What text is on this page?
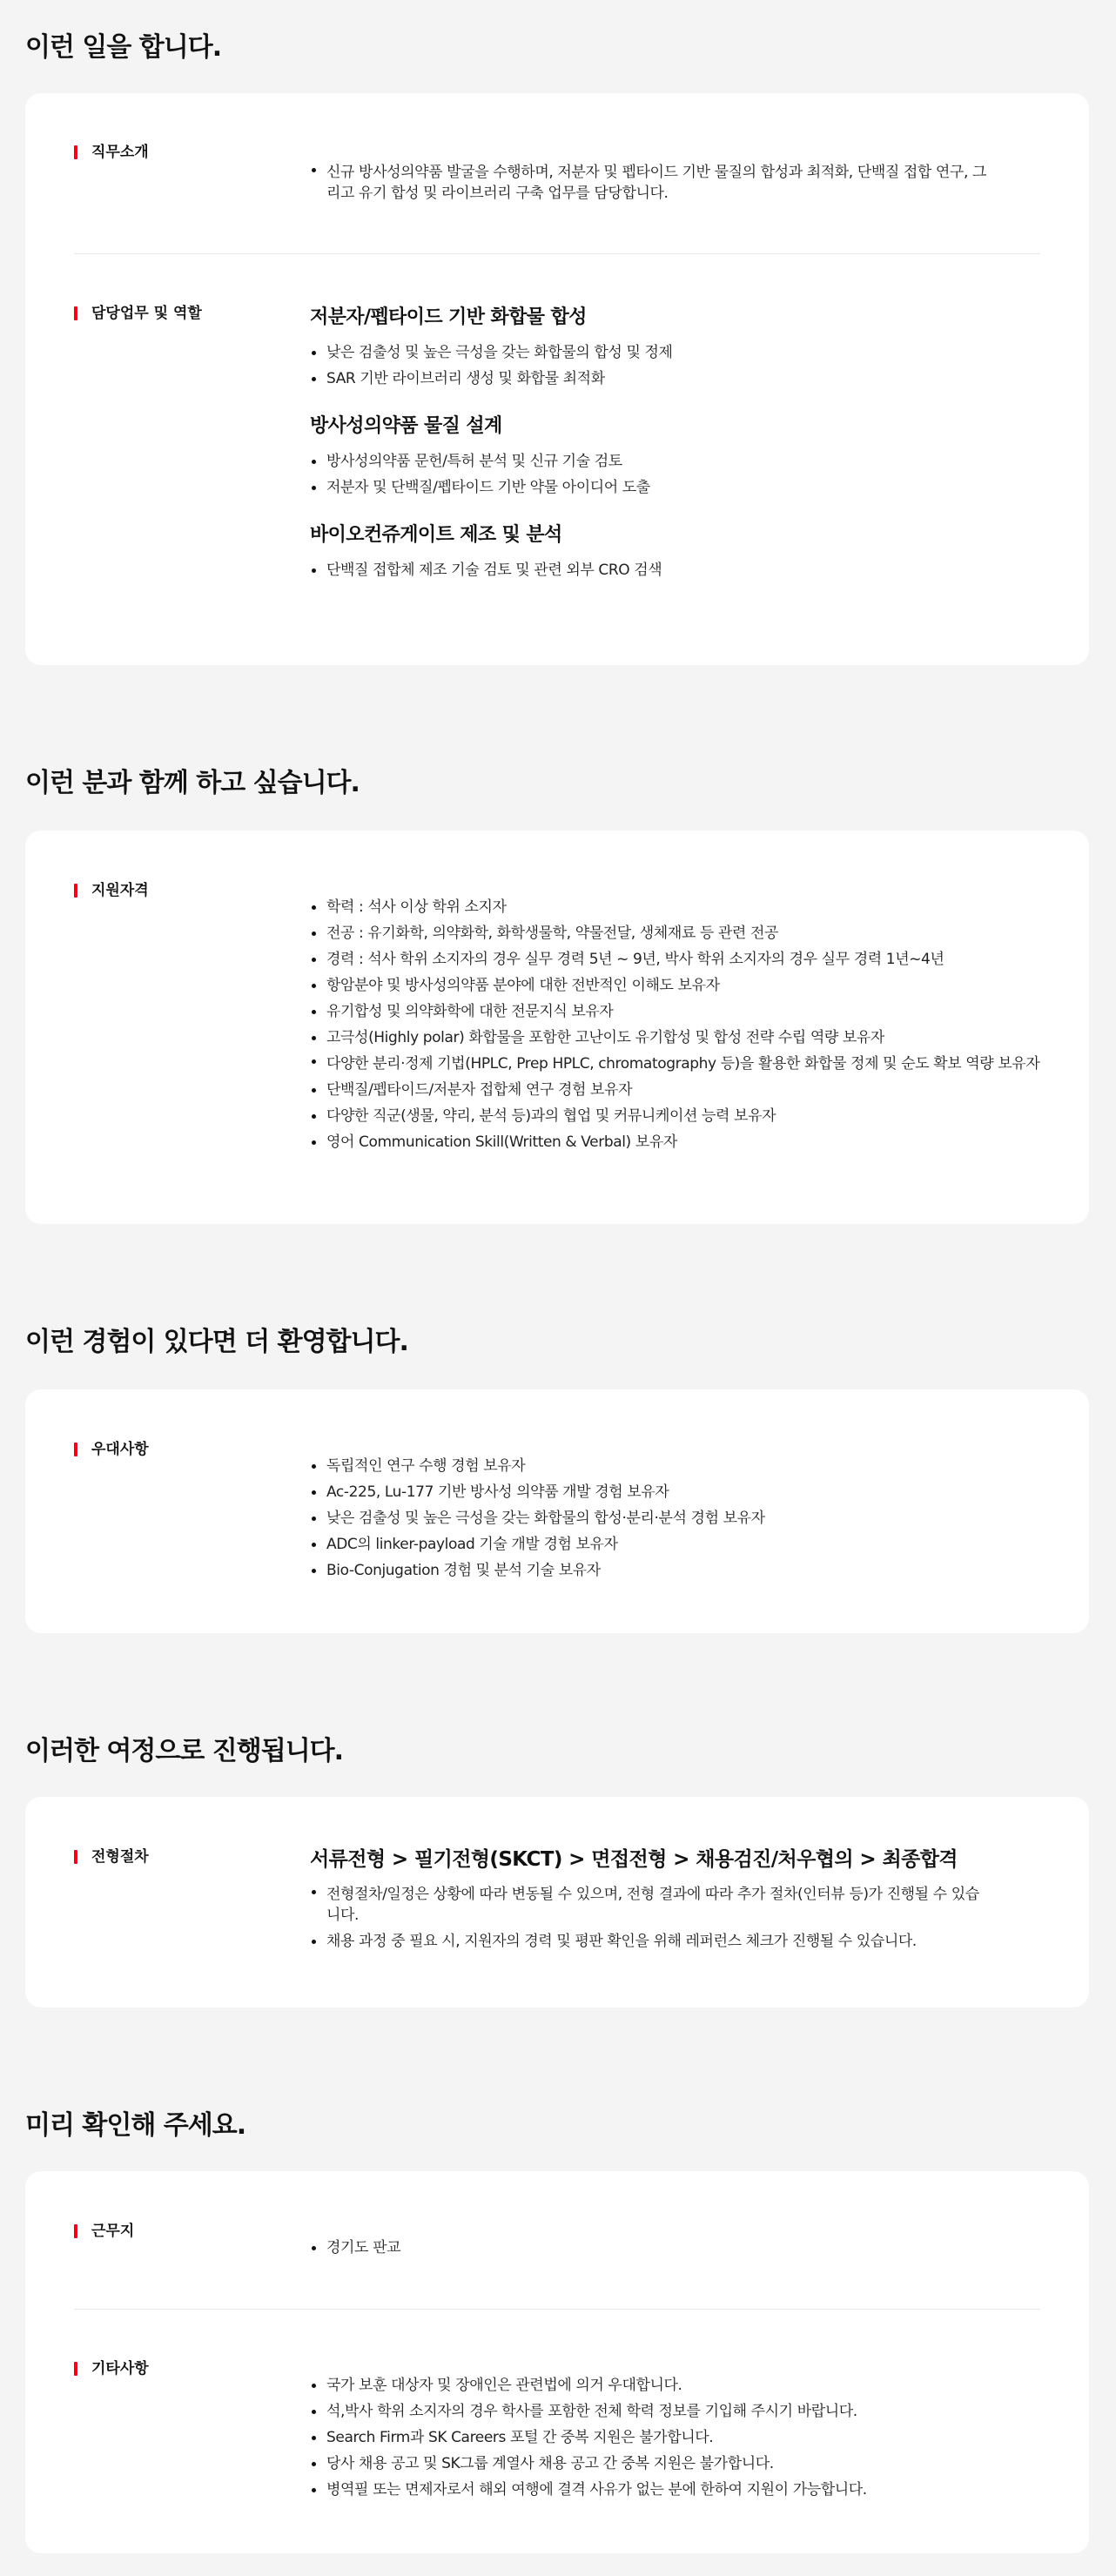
이런 일을 합니다.
직무소개
신규 방사성의약품 발굴을 수행하며, 저분자 및 펩타이드 기반 물질의 합성과 최적화, 단백질 접합 연구, 그리고 유기 합성 및 라이브러리 구축 업무를 담당합니다.
담당업무 및 역할	저분자/펩타이드 기반 화합물 합성

낮은 검출성 및 높은 극성을 갖는 화합물의 합성 및 정제
SAR 기반 라이브러리 생성 및 화합물 최적화

방사성의약품 물질 설계

방사성의약품 문헌/특허 분석 및 신규 기술 검토
저분자 및 단백질/펩타이드 기반 약물 아이디어 도출

바이오컨쥬게이트 제조 및 분석

단백질 접합체 제조 기술 검토 및 관련 외부 CRO 검색
이런 분과 함께 하고 싶습니다.
지원자격
학력 : 석사 이상 학위 소지자
전공 : 유기화학, 의약화학, 화학생물학, 약물전달, 생체재료 등 관련 전공
경력 : 석사 학위 소지자의 경우 실무 경력 5년 ~ 9년, 박사 학위 소지자의 경우 실무 경력 1년~4년
항암분야 및 방사성의약품 분야에 대한 전반적인 이해도 보유자
유기합성 및 의약화학에 대한 전문지식 보유자
고극성(Highly polar) 화합물을 포함한 고난이도 유기합성 및 합성 전략 수립 역량 보유자
다양한 분리·정제 기법(HPLC, Prep HPLC, chromatography 등)을 활용한 화합물 정제 및 순도 확보 역량 보유자
단백질/펩타이드/저분자 접합체 연구 경험 보유자
다양한 직군(생물, 약리, 분석 등)과의 협업 및 커뮤니케이션 능력 보유자
영어 Communication Skill(Written & Verbal) 보유자
이런 경험이 있다면 더 환영합니다.
우대사항
독립적인 연구 수행 경험 보유자
Ac-225, Lu-177 기반 방사성 의약품 개발 경험 보유자
낮은 검출성 및 높은 극성을 갖는 화합물의 합성·분리·분석 경험 보유자
ADC의 linker-payload 기술 개발 경험 보유자
Bio-Conjugation 경험 및 분석 기술 보유자
이러한 여정으로 진행됩니다.
전형절차	서류전형 > 필기전형(SKCT) > 면접전형 > 채용검진/처우협의 > 최종합격

전형절차/일정은 상황에 따라 변동될 수 있으며, 전형 결과에 따라 추가 절차(인터뷰 등)가 진행될 수 있습니다.
채용 과정 중 필요 시, 지원자의 경력 및 평판 확인을 위해 레퍼런스 체크가 진행될 수 있습니다.
미리 확인해 주세요.
근무지
경기도 판교
기타사항
국가 보훈 대상자 및 장애인은 관련법에 의거 우대합니다.
석,박사 학위 소지자의 경우 학사를 포함한 전체 학력 정보를 기입해 주시기 바랍니다.
Search Firm과 SK Careers 포털 간 중복 지원은 불가합니다.
당사 채용 공고 및 SK그룹 계열사 채용 공고 간 중복 지원은 불가합니다.
병역필 또는 면제자로서 해외 여행에 결격 사유가 없는 분에 한하여 지원이 가능합니다.
